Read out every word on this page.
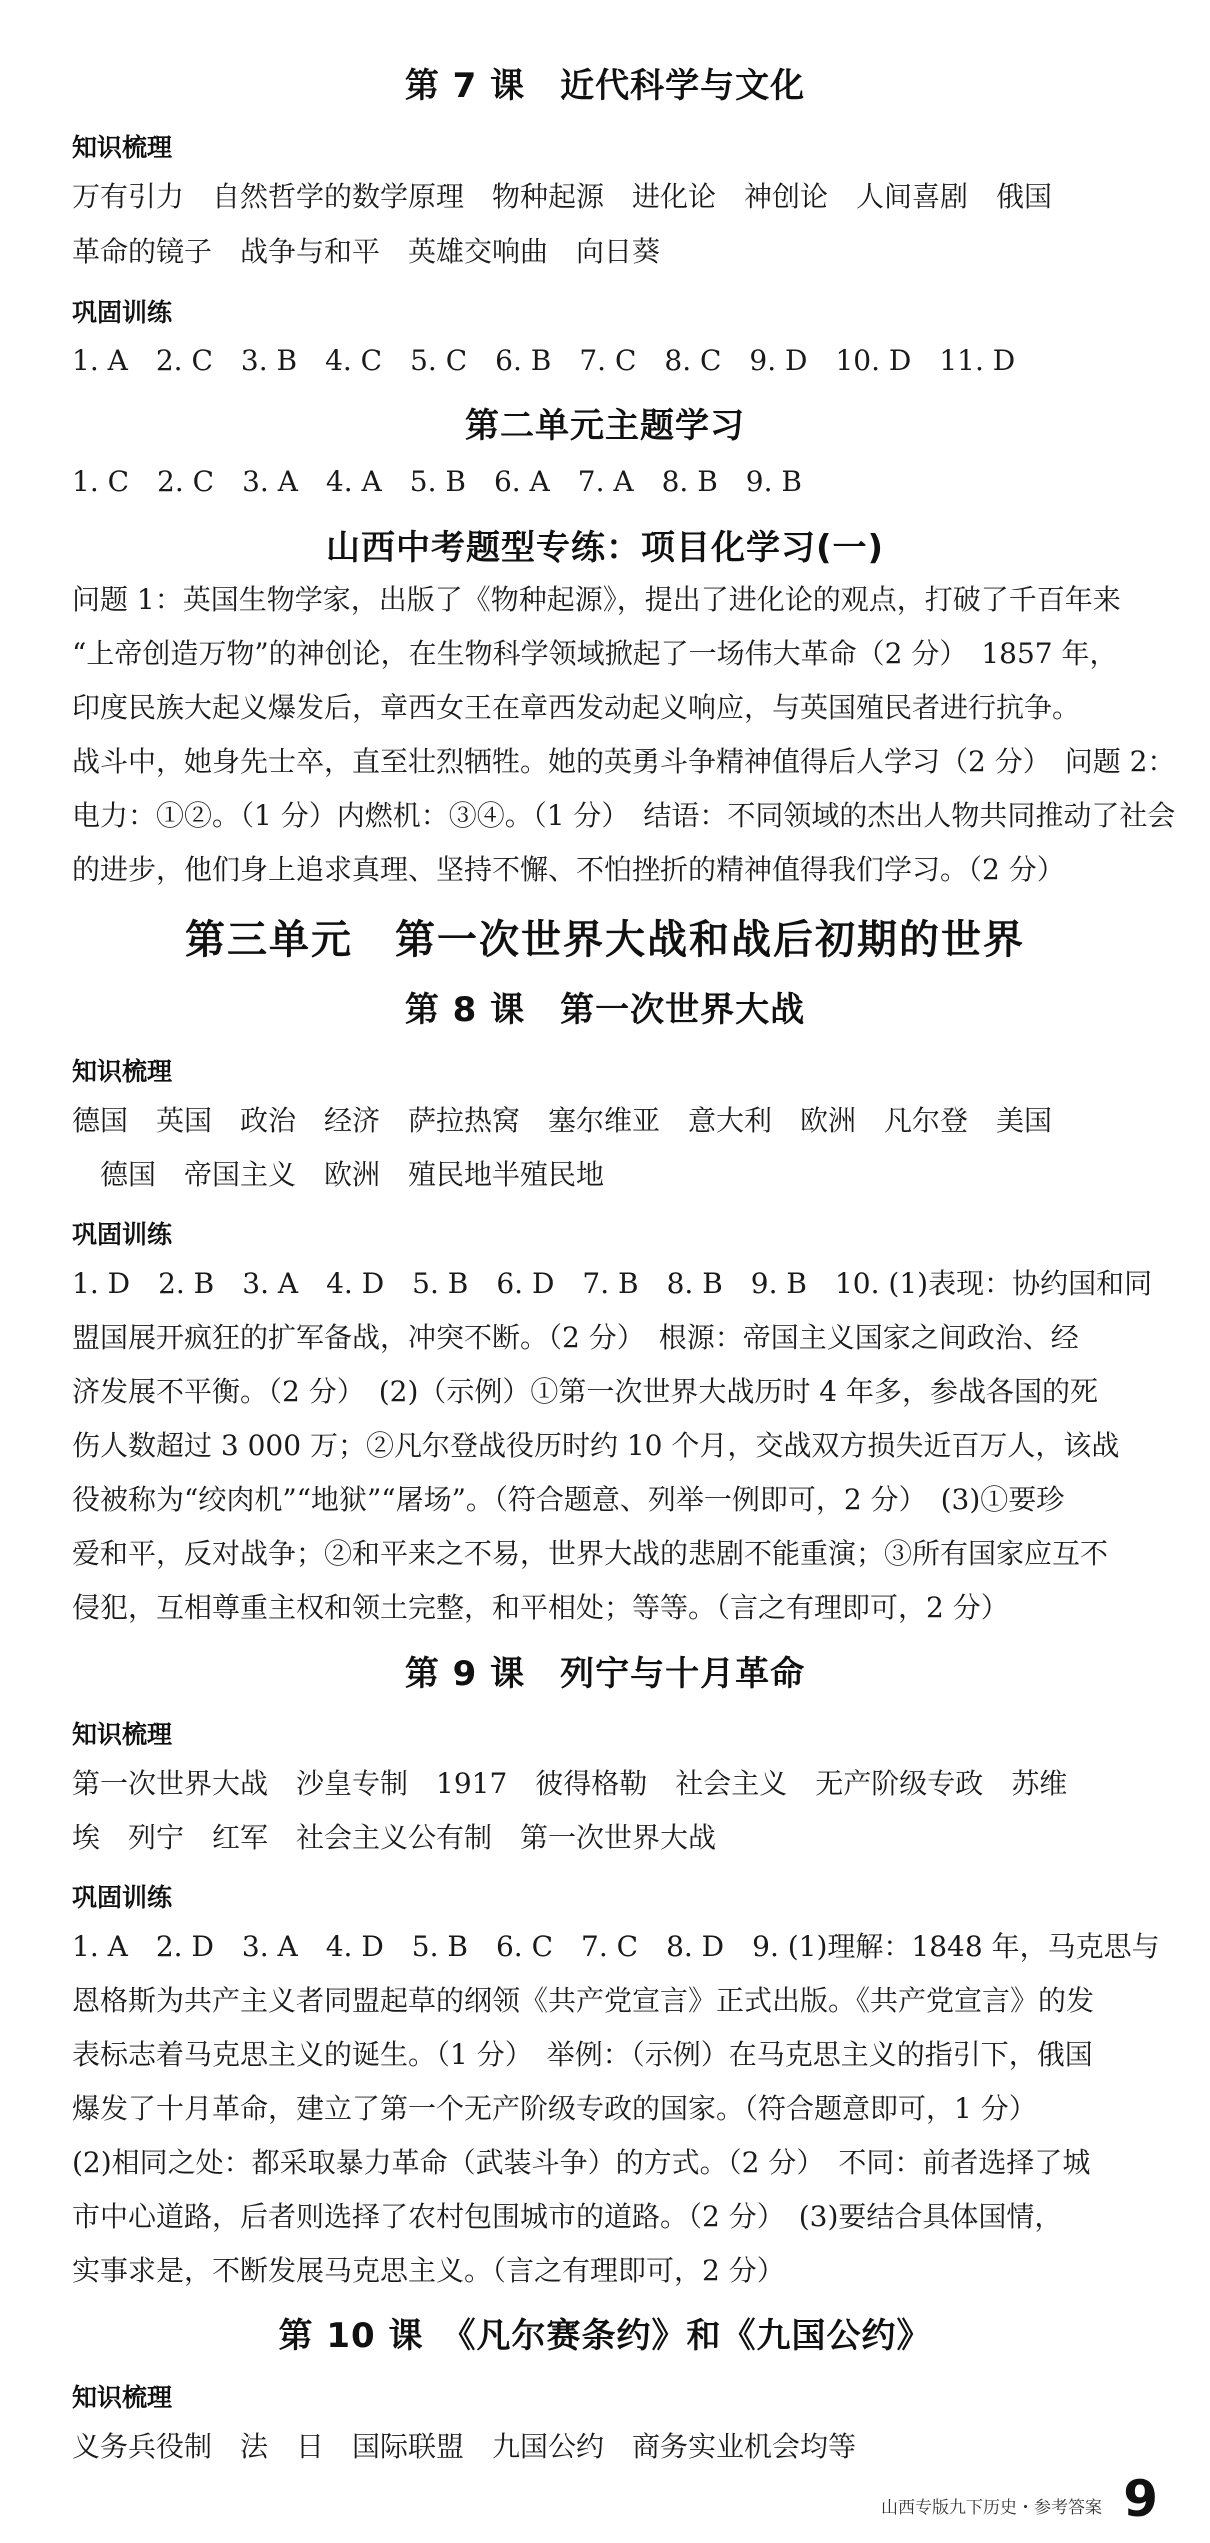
第 7 课　近代科学与文化
知识梳理
万有引力　自然哲学的数学原理　物种起源　进化论　神创论　人间喜剧　俄国
革命的镜子　战争与和平　英雄交响曲　向日葵
巩固训练
1. A　2. C　3. B　4. C　5. C　6. B　7. C　8. C　9. D　10. D　11. D
第二单元主题学习
1. C　2. C　3. A　4. A　5. B　6. A　7. A　8. B　9. B
山西中考题型专练：项目化学习(一)
问题 1：英国生物学家，出版了《物种起源》，提出了进化论的观点，打破了千百年来
“上帝创造万物”的神创论，在生物科学领域掀起了一场伟大革命（2 分）　1857 年，
印度民族大起义爆发后，章西女王在章西发动起义响应，与英国殖民者进行抗争。
战斗中，她身先士卒，直至壮烈牺牲。她的英勇斗争精神值得后人学习（2 分）　问题 2：
电力：①②。（1 分）内燃机：③④。（1 分）　结语：不同领域的杰出人物共同推动了社会
的进步，他们身上追求真理、坚持不懈、不怕挫折的精神值得我们学习。（2 分）
第三单元　第一次世界大战和战后初期的世界
第 8 课　第一次世界大战
知识梳理
德国　英国　政治　经济　萨拉热窝　塞尔维亚　意大利　欧洲　凡尔登　美国
德国　帝国主义　欧洲　殖民地半殖民地
巩固训练
1. D　2. B　3. A　4. D　5. B　6. D　7. B　8. B　9. B　10. (1)表现：协约国和同
盟国展开疯狂的扩军备战，冲突不断。（2 分）　根源：帝国主义国家之间政治、经
济发展不平衡。（2 分）　(2)（示例）①第一次世界大战历时 4 年多，参战各国的死
伤人数超过 3 000 万；②凡尔登战役历时约 10 个月，交战双方损失近百万人，该战
役被称为“绞肉机”“地狱”“屠场”。（符合题意、列举一例即可，2 分）　(3)①要珍
爱和平，反对战争；②和平来之不易，世界大战的悲剧不能重演；③所有国家应互不
侵犯，互相尊重主权和领土完整，和平相处；等等。（言之有理即可，2 分）
第 9 课　列宁与十月革命
知识梳理
第一次世界大战　沙皇专制　1917　彼得格勒　社会主义　无产阶级专政　苏维
埃　列宁　红军　社会主义公有制　第一次世界大战
巩固训练
1. A　2. D　3. A　4. D　5. B　6. C　7. C　8. D　9. (1)理解：1848 年，马克思与
恩格斯为共产主义者同盟起草的纲领《共产党宣言》正式出版。《共产党宣言》的发
表标志着马克思主义的诞生。（1 分）　举例：（示例）在马克思主义的指引下，俄国
爆发了十月革命，建立了第一个无产阶级专政的国家。（符合题意即可，1 分）
(2)相同之处：都采取暴力革命（武装斗争）的方式。（2 分）　不同：前者选择了城
市中心道路，后者则选择了农村包围城市的道路。（2 分）　(3)要结合具体国情，
实事求是，不断发展马克思主义。（言之有理即可，2 分）
第 10 课　《凡尔赛条约》和《九国公约》
知识梳理
义务兵役制　法　日　国际联盟　九国公约　商务实业机会均等
山西专版九下历史・参考答案 9
